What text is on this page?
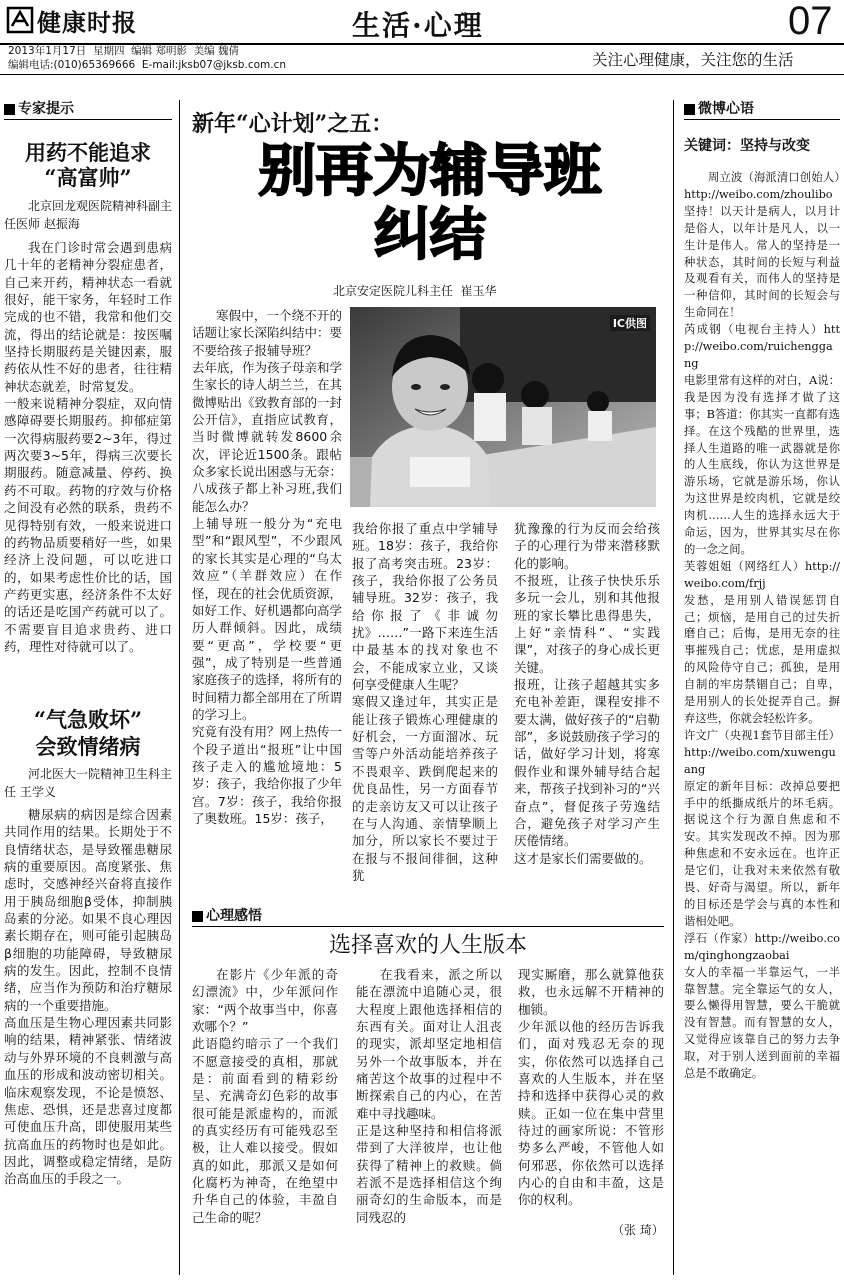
健康时报	生活·心理	07
2013年1月17日  星期四  编辑 郑明影  美编 魏倩
编辑电话:(010)65369666  E-mail:jksb07@jksb.com.cn	关注心理健康，关注您的生活
专家提示
用药不能追求
“高富帅”
北京回龙观医院精神科副主任医师 赵振海
我在门诊时常会遇到患病几十年的老精神分裂症患者，自己来开药，精神状态一看就很好，能干家务，年轻时工作完成的也不错，我常和他们交流，得出的结论就是：按医嘱坚持长期服药是关键因素，服药依从性不好的患者，往往精神状态就差，时常复发。
一般来说精神分裂症，双向情感障碍要长期服药。抑郁症第一次得病服药要2~3年，得过两次要3~5年，得病三次要长期服药。随意减量、停药、换药不可取。药物的疗效与价格之间没有必然的联系，贵药不见得特别有效，一般来说进口的药物品质要稍好一些，如果经济上没问题，可以吃进口的，如果考虑性价比的话，国产药更实惠，经济条件不太好的话还是吃国产药就可以了。不需要盲目追求贵药、进口药，理性对待就可以了。
“气急败坏”
会致情绪病
河北医大一院精神卫生科主任 王学义
糖尿病的病因是综合因素共同作用的结果。长期处于不良情绪状态，是导致罹患糖尿病的重要原因。高度紧张、焦虑时，交感神经兴奋将直接作用于胰岛细胞β受体，抑制胰岛素的分泌。如果不良心理因素长期存在，则可能引起胰岛β细胞的功能障碍，导致糖尿病的发生。因此，控制不良情绪，应当作为预防和治疗糖尿病的一个重要措施。
高血压是生物心理因素共同影响的结果，精神紧张、情绪波动与外界环境的不良刺激与高血压的形成和波动密切相关。临床观察发现，不论是愤怒、焦虑、恐惧，还是悲喜过度都可使血压升高，即使服用某些抗高血压的药物时也是如此。因此，调整或稳定情绪，是防治高血压的手段之一。
新年“心计划”之五：
别再为辅导班
纠结
北京安定医院儿科主任  崔玉华
IC供图
寒假中，一个绕不开的话题让家长深陷纠结中：要不要给孩子报辅导班？
去年底，作为孩子母亲和学生家长的诗人胡兰兰，在其微博贴出《致教育部的一封公开信》，直指应试教育，当时微博就转发8600余次，评论近1500条。跟帖众多家长说出困惑与无奈：八成孩子都上补习班,我们能怎么办？
上辅导班一般分为“充电型”和“跟风型”，不少跟风的家长其实是心理的“乌太效应”（羊群效应）在作怪，现在的社会优质资源，如好工作、好机遇都向高学历人群倾斜。因此，成绩要“更高”，学校要“更强”，成了特别是一些普通家庭孩子的选择，将所有的时间精力都全部用在了所谓的学习上。
究竟有没有用？网上热传一个段子道出“报班”让中国孩子走入的尴尬境地：5岁：孩子，我给你报了少年宫。7岁：孩子，我给你报了奥数班。15岁：孩子，
我给你报了重点中学辅导班。18岁：孩子，我给你报了高考突击班。23岁：孩子，我给你报了公务员辅导班。32岁：孩子，我给你报了《非诚勿扰》……”一路下来连生活中最基本的找对象也不会，不能成家立业，又谈何享受健康人生呢？
寒假又逢过年，其实正是能让孩子锻炼心理健康的好机会，一方面溜冰、玩雪等户外活动能培养孩子不畏艰辛、跌倒爬起来的优良品性，另一方面春节的走亲访友又可以让孩子在与人沟通、亲情挚顺上加分，所以家长不要过于在报与不报间徘徊，这种犹
犹豫豫的行为反而会给孩子的心理行为带来潜移默化的影响。
不报班，让孩子快快乐乐多玩一会儿，别和其他报班的家长攀比患得患失，上好“亲情科”、“实践课”，对孩子的身心成长更关键。
报班，让孩子超越其实多充电补差距，课程安排不要太满，做好孩子的“启勒部”，多说鼓励孩子学习的话，做好学习计划，将寒假作业和课外辅导结合起来，帮孩子找到补习的“兴奋点”，督促孩子劳逸结合，避免孩子对学习产生厌倦情绪。
这才是家长们需要做的。
心理感悟
选择喜欢的人生版本
在影片《少年派的奇幻漂流》中，少年派问作家：“两个故事当中，你喜欢哪个？”
此语隐约暗示了一个我们不愿意接受的真相，那就是：前面看到的精彩纷呈、充满奇幻色彩的故事很可能是派虚构的，而派的真实经历有可能残忍至极，让人难以接受。假如真的如此，那派又是如何化腐朽为神奇，在绝望中升华自己的体验，丰盈自己生命的呢？
在我看来，派之所以能在漂流中追随心灵，很大程度上跟他选择相信的东西有关。面对让人沮丧的现实，派却坚定地相信另外一个故事版本，并在痛苦这个故事的过程中不断探索自己的内心，在苦难中寻找趣味。
正是这种坚持和相信将派带到了大洋彼岸，也让他获得了精神上的救赎。倘若派不是选择相信这个绚丽奇幻的生命版本，而是同残忍的
现实厮磨，那么就算他获救，也永远解不开精神的枷锁。
少年派以他的经历告诉我们，面对残忍无奈的现实，你依然可以选择自己喜欢的人生版本，并在坚持和选择中获得心灵的救赎。正如一位在集中营里待过的画家所说：不管形势多么严峻，不管他人如何邪恶，你依然可以选择内心的自由和丰盈，这是你的权利。
（张 琦）
微博心语
关键词：坚持与改变
周立波（海派清口创始人）http://weibo.com/zhoulibo
坚持！以天计是病人，以月计是俗人，以年计是凡人，以一生计是伟人。常人的坚持是一种状态，其时间的长短与利益及观看有关，而伟人的坚持是一种信仰，其时间的长短会与生命同在！
芮成钢（电视台主持人）http://weibo.com/ruichenggang
电影里常有这样的对白，A说：我是因为没有选择才做了这事；B答道：你其实一直都有选择。在这个残酷的世界里，选择人生道路的唯一武器就是你的人生底线，你认为这世界是游乐场，它就是游乐场，你认为这世界是绞肉机，它就是绞肉机……人生的选择永远大于命运，因为，世界其实尽在你的一念之间。
芙蓉姐姐（网络红人）http://weibo.com/frjj
发愁，是用别人错误惩罚自己；烦恼，是用自己的过失折磨自己；后悔，是用无奈的往事摧残自己；忧虑，是用虚拟的风险侍守自己；孤独，是用自制的牢房禁锢自己；自卑，是用别人的长处捉弄自己。摒弃这些，你就会轻松许多。
许文广（央视1套节目部主任）http://weibo.com/xuwenguang
原定的新年目标：改掉总要把手中的纸撕成纸片的坏毛病。据说这个行为源自焦虑和不安。其实发现改不掉。因为那种焦虑和不安永远在。也许正是它们，让我对未来依然有敬畏、好奇与渴望。所以，新年的目标还是学会与真的本性和谐相处吧。
浮石（作家）http://weibo.com/qinghongzaobai
女人的幸福一半靠运气，一半靠智慧。完全靠运气的女人，要么懒得用智慧，要么干脆就没有智慧。而有智慧的女人，又觉得应该靠自己的努力去争取，对于别人送到面前的幸福总是不敢确定。
